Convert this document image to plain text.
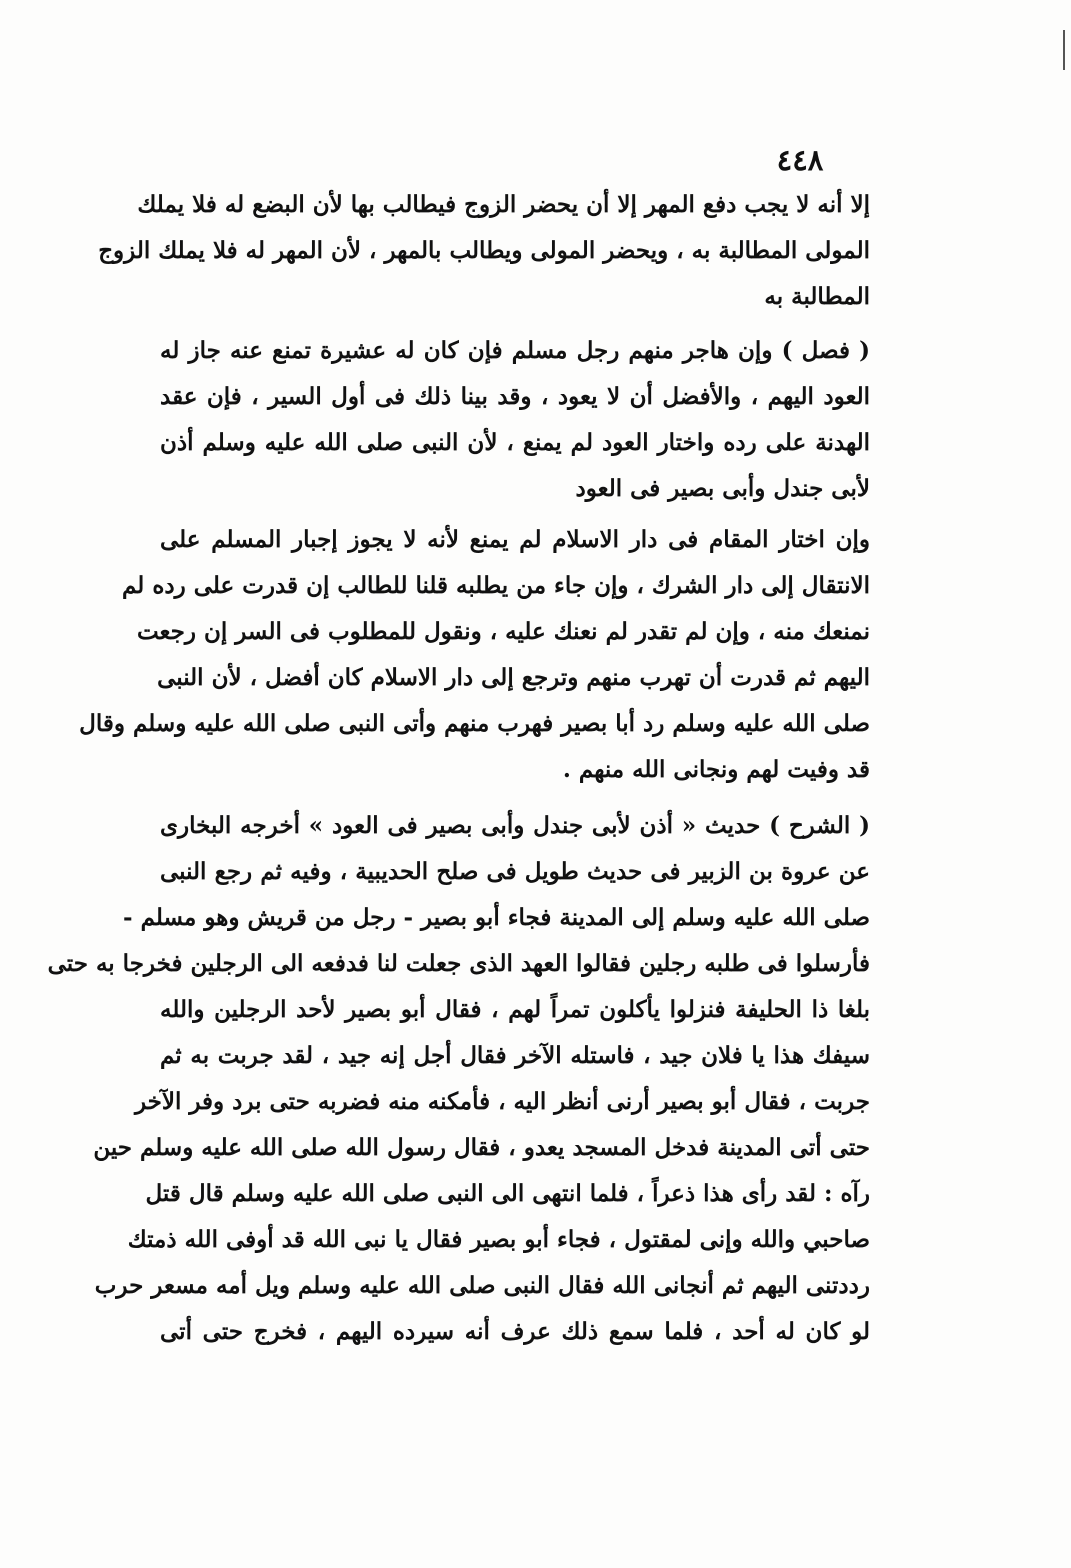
٤٤٨
إلا أنه لا يجب دفع المهر إلا أن يحضر الزوج فيطالب بها لأن البضع له فلا يملك
المولى المطالبة به ، ويحضر المولى ويطالب بالمهر ، لأن المهر له فلا يملك الزوج
المطالبة به
( فصل ) وإن هاجر منهم رجل مسلم فإن كان له عشيرة تمنع عنه جاز له
العود اليهم ، والأفضل أن لا يعود ، وقد بينا ذلك فى أول السير ، فإن عقد
الهدنة على رده واختار العود لم يمنع ، لأن النبى صلى الله عليه وسلم أذن
لأبى جندل وأبى بصير فى العود
وإن اختار المقام فى دار الاسلام لم يمنع لأنه لا يجوز إجبار المسلم على
الانتقال إلى دار الشرك ، وإن جاء من يطلبه قلنا للطالب إن قدرت على رده لم
نمنعك منه ، وإن لم تقدر لم نعنك عليه ، ونقول للمطلوب فى السر إن رجعت
اليهم ثم قدرت أن تهرب منهم وترجع إلى دار الاسلام كان أفضل ، لأن النبى
صلى الله عليه وسلم رد أبا بصير فهرب منهم وأتى النبى صلى الله عليه وسلم وقال
قد وفيت لهم ونجانى الله منهم .
( الشرح ) حديث « أذن لأبى جندل وأبى بصير فى العود » أخرجه البخارى
عن عروة بن الزبير فى حديث طويل فى صلح الحديبية ، وفيه ثم رجع النبى
صلى الله عليه وسلم إلى المدينة فجاء أبو بصير - رجل من قريش وهو مسلم -
فأرسلوا فى طلبه رجلين فقالوا العهد الذى جعلت لنا فدفعه الى الرجلين فخرجا به حتى
بلغا ذا الحليفة فنزلوا يأكلون تمراً لهم ، فقال أبو بصير لأحد الرجلين والله
سيفك هذا يا فلان جيد ، فاستله الآخر فقال أجل إنه جيد ، لقد جربت به ثم
جربت ، فقال أبو بصير أرنى أنظر اليه ، فأمكنه منه فضربه حتى برد وفر الآخر
حتى أتى المدينة فدخل المسجد يعدو ، فقال رسول الله صلى الله عليه وسلم حين
رآه : لقد رأى هذا ذعراً ، فلما انتهى الى النبى صلى الله عليه وسلم قال قتل
صاحبي والله وإنى لمقتول ، فجاء أبو بصير فقال يا نبى الله قد أوفى الله ذمتك
رددتنى اليهم ثم أنجانى الله فقال النبى صلى الله عليه وسلم ويل أمه مسعر حرب
لو كان له أحد ، فلما سمع ذلك عرف أنه سيرده اليهم ، فخرج حتى أتى
